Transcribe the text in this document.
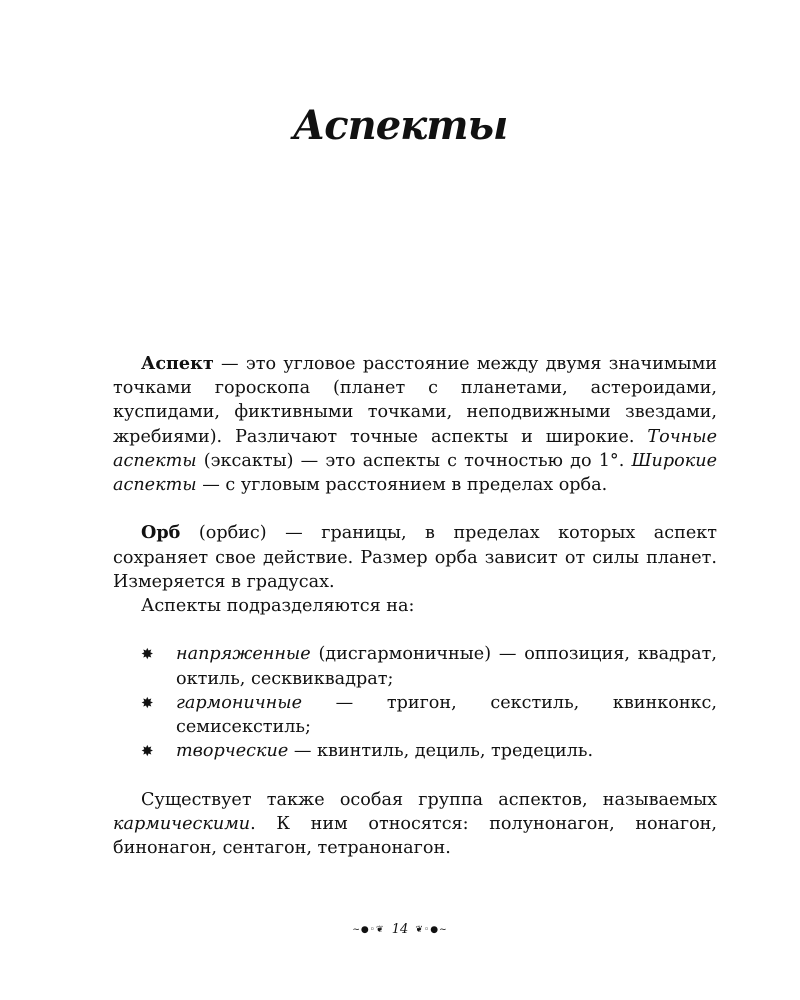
Аспекты

Аспект — это угловое расстояние между двумя значимыми точками гороскопа (планет с планетами, астероидами, куспидами, фиктивными точками, неподвижными звездами, жребиями). Различают точные аспекты и широкие. Точные аспекты (эксакты) — это аспекты с точностью до 1°. Широкие аспекты — с угловым расстоянием в пределах орба.

Орб (орбис) — границы, в пределах которых аспект сохраняет свое действие. Размер орба зависит от силы планет. Измеряется в градусах.

Аспекты подразделяются на:

✸ напряженные (дисгармоничные) — оппозиция, квадрат, октиль, сесквиквадрат;
✸ гармоничные — тригон, секстиль, квинконкс, семисекстиль;
✸ творческие — квинтиль, дециль, тредециль.

Существует также особая группа аспектов, называемых кармическими. К ним относятся: полунонагон, нонагон, бинонагон, сентагон, тетранонагон.

~●◦❦ 14 ❦◦●~
